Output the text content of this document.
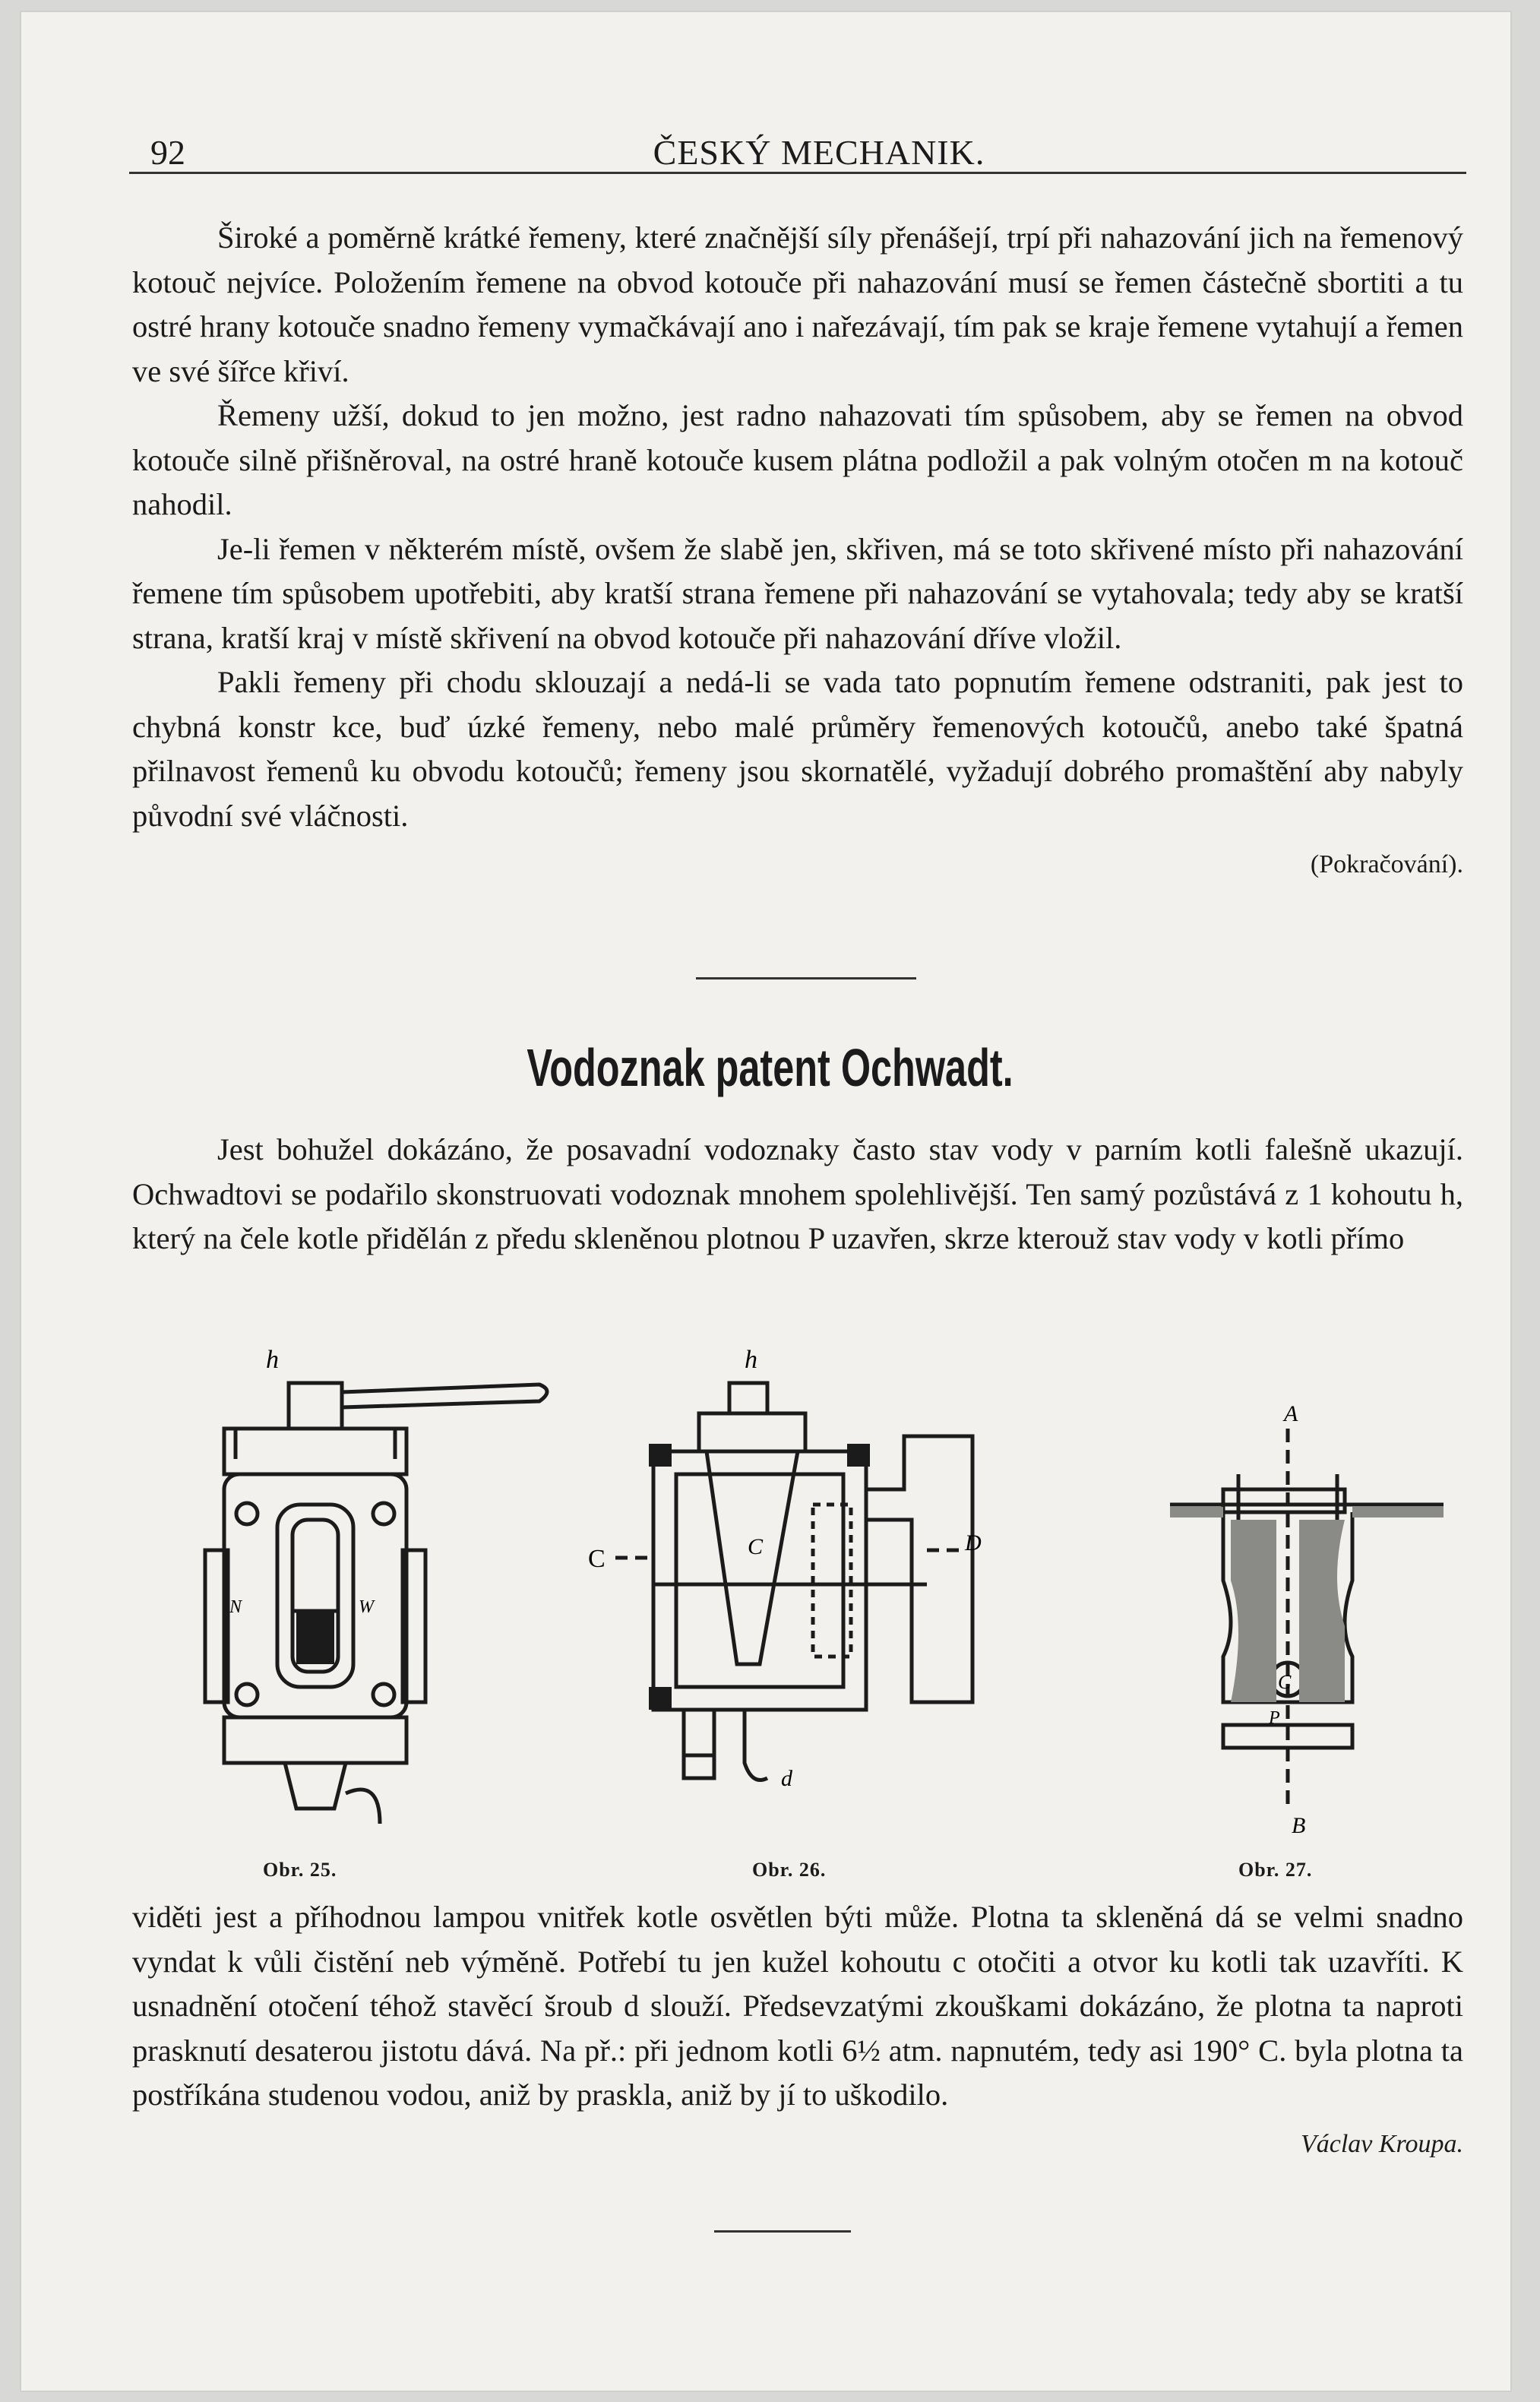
92	ČESKÝ MECHANIK.

Široké a poměrně krátké řemeny, které značnější síly přenášejí, trpí při nahazování jich na řemenový kotouč nejvíce. Položením řemene na obvod kotouče při nahazování musí se řemen částečně sbortiti a tu ostré hrany kotouče snadno řemeny vymačkávají ano i nařezávají, tím pak se kraje řemene vytahují a řemen ve své šířce křiví.

Řemeny užší, dokud to jen možno, jest radno nahazovati tím spůsobem, aby se řemen na obvod kotouče silně přišněroval, na ostré hraně kotouče kusem plátna podložil a pak volným otočen m na kotouč nahodil.

Je-li řemen v některém místě, ovšem že slabě jen, skřiven, má se toto skřivené místo při nahazování řemene tím spůsobem upotřebiti, aby kratší strana řemene při nahazování se vytahovala; tedy aby se kratší strana, kratší kraj v místě skřivení na obvod kotouče při nahazování dříve vložil.

Pakli řemeny při chodu sklouzají a nedá-li se vada tato popnutím řemene odstraniti, pak jest to chybná konstr kce, buď úzké řemeny, nebo malé průměry řemenových kotoučů, anebo také špatná přilnavost řemenů ku obvodu kotoučů; řemeny jsou skornatělé, vyžadují dobrého promaštění aby nabyly původní své vláčnosti.

(Pokračování).
Vodoznak patent Ochwadt.

Jest bohužel dokázáno, že posavadní vodoznaky často stav vody v parním kotli falešně ukazují. Ochwadtovi se podařilo skonstruovati vodoznak mnohem spolehlivější. Ten samý pozůstává z 1 kohoutu h, který na čele kotle přidělán z předu skleněnou plotnou P uzavřen, skrze kterouž stav vody v kotli přímo

h
N	W
Obr. 25.
h
C	C	D
d
Obr. 26.
A
B
C
P
Obr. 27.

viděti jest a příhodnou lampou vnitřek kotle osvětlen býti může. Plotna ta skleněná dá se velmi snadno vyndat k vůli čistění neb výměně. Potřebí tu jen kužel kohoutu c otočiti a otvor ku kotli tak uzavříti. K usnadnění otočení téhož stavěcí šroub d slouží. Předsevzatými zkouškami dokázáno, že plotna ta naproti prasknutí desaterou jistotu dává. Na př.: při jednom kotli 6½ atm. napnutém, tedy asi 190° C. byla plotna ta postříkána studenou vodou, aniž by praskla, aniž by jí to uškodilo.

Václav Kroupa.
